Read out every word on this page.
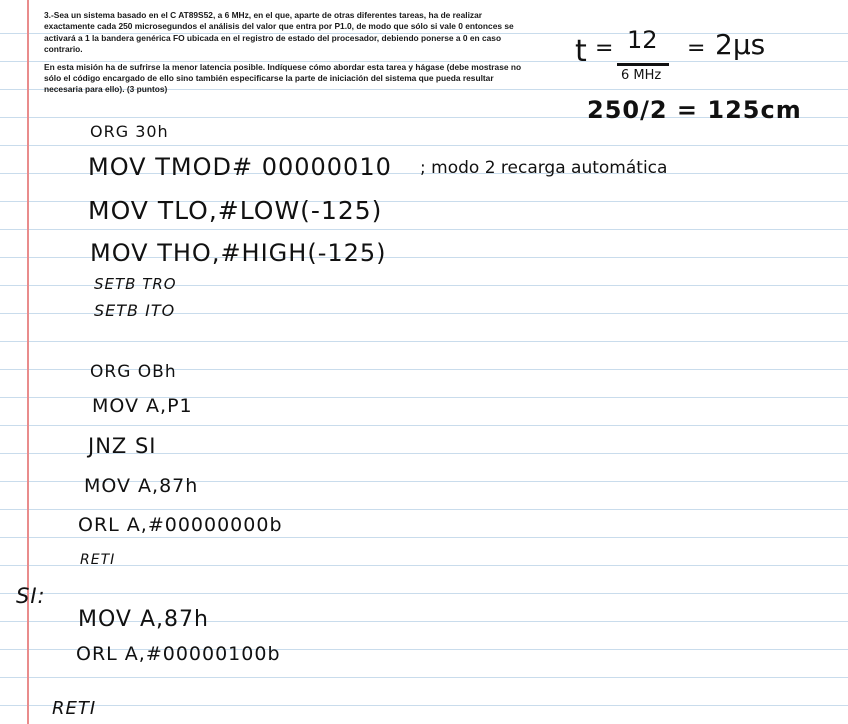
3.-Sea un sistema basado en el C AT89S52, a 6 MHz, en el que, aparte de otras diferentes tareas, ha de realizar exactamente cada 250 microsegundos el análisis del valor que entra por P1.0, de modo que sólo si vale 0 entonces se activará a 1 la bandera genérica FO ubicada en el registro de estado del procesador, debiendo ponerse a 0 en caso contrario.

En esta misión ha de sufrirse la menor latencia posible. Indíquese cómo abordar esta tarea y hágase (debe mostrase no sólo el código encargado de ello sino también especificarse la parte de iniciación del sistema que pueda resultar necesaria para ello). (3 puntos)

t = 12
6 MHz
= 2μs
250/2 = 125cm
ORG 30h
MOV TMOD# 00000010 ; modo 2 recarga automática
MOV TLO,#LOW(-125)
MOV THO,#HIGH(-125)
SETB TRO
SETB ITO
ORG OBh
MOV A,P1
JNZ SI
MOV A,87h
ORL A,#00000000b
RETI
SI:
MOV A,87h
ORL A,#00000100b
RETI
